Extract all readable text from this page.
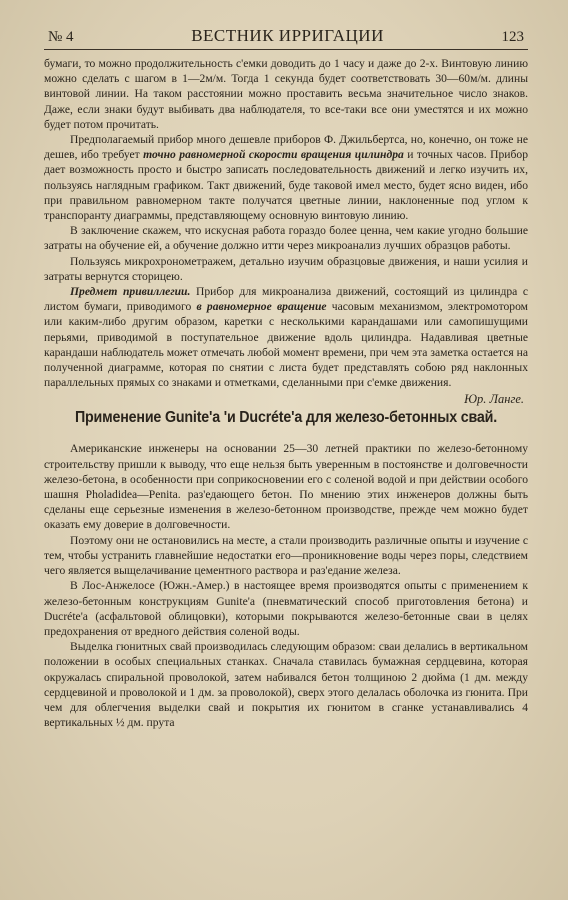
№ 4	ВЕСТНИК ИРРИГАЦИИ	123

бумаги, то можно продолжительность с'емки доводить до 1 часу и даже до 2-х. Винтовую линию можно сделать с шагом в 1—2м/м. Тогда 1 секунда будет соответствовать 30—60м/м. длины винтовой линии. На таком расстоянии можно проставить весьма значительное число знаков. Даже, если знаки будут выбивать два наблюдателя, то все-таки все они уместятся и их можно будет потом прочитать.

Предполагаемый прибор много дешевле приборов Ф. Джильбертса, но, конечно, он тоже не дешев, ибо требует точно равномерной скорости вращения цилиндра и точных часов. Прибор дает возможность просто и быстро записать последовательность движений и легко изучить их, пользуясь наглядным графиком. Такт движений, буде таковой имел место, будет ясно виден, ибо при правильном равномерном такте получатся цветные линии, наклоненные под углом к транспоранту диаграммы, представляющему основную винтовую линию.

В заключение скажем, что искусная работа гораздо более ценна, чем какие угодно большие затраты на обучение ей, а обучение должно итти через микроанализ лучших образцов работы.

Пользуясь микрохронометражем, детально изучим образцовые движения, и наши усилия и затраты вернутся сторицею.

Предмет привиллегии. Прибор для микроанализа движений, состоящий из цилиндра с листом бумаги, приводимого в равномерное вращение часовым механизмом, электромотором или каким-либо другим образом, каретки с несколькими карандашами или самопишущими перьями, приводимой в поступательное движение вдоль цилиндра. Надавливая цветные карандаши наблюдатель может отмечать любой момент времени, при чем эта заметка остается на полученной диаграмме, которая по снятии с листа будет представлять собою ряд наклонных параллельных прямых со знаками и отметками, сделанными при с'емке движения.

Юр. Ланге.
Применение Gunite'a 'и Ducréte'a для железо-бетонных свай.

Американские инженеры на основании 25—30 летней практики по железо-бетонному строительству пришли к выводу, что еще нельзя быть уверенным в постоянстве и долговечности железо-бетона, в особенности при соприкосновении его с соленой водой и при действии особого шашня Pholadidea—Penita. раз'едающего бетон. По мнению этих инженеров должны быть сделаны еще серьезные изменения в железо-бетонном производстве, прежде чем можно будет оказать ему доверие в долговечности.

Поэтому они не остановились на месте, а стали производить различные опыты и изучение с тем, чтобы устранить главнейшие недостатки его—проникновение воды через поры, следствием чего является выщелачивание цементного раствора и раз'едание железа.

В Лос-Анжелосе (Южн.-Амер.) в настоящее время производятся опыты с применением к железо-бетонным конструкциям Gunite'a (пневматический способ приготовления бетона) и Ducréte'a (асфальтовой облицовки), которыми покрываются железо-бетонные сваи в целях предохранения от вредного действия соленой воды.

Выделка гюнитных свай производилась следующим образом: сваи делались в вертикальном положении в особых специальных станках. Сначала ставилась бумажная сердцевина, которая окружалась спиральной проволокой, затем набивался бетон толщиною 2 дюйма (1 дм. между сердцевиной и проволокой и 1 дм. за проволокой), сверх этого делалась оболочка из гюнита. При чем для облегчения выделки свай и покрытия их гюнитом в сганке устанавливались 4 вертикальных ½ дм. прута
